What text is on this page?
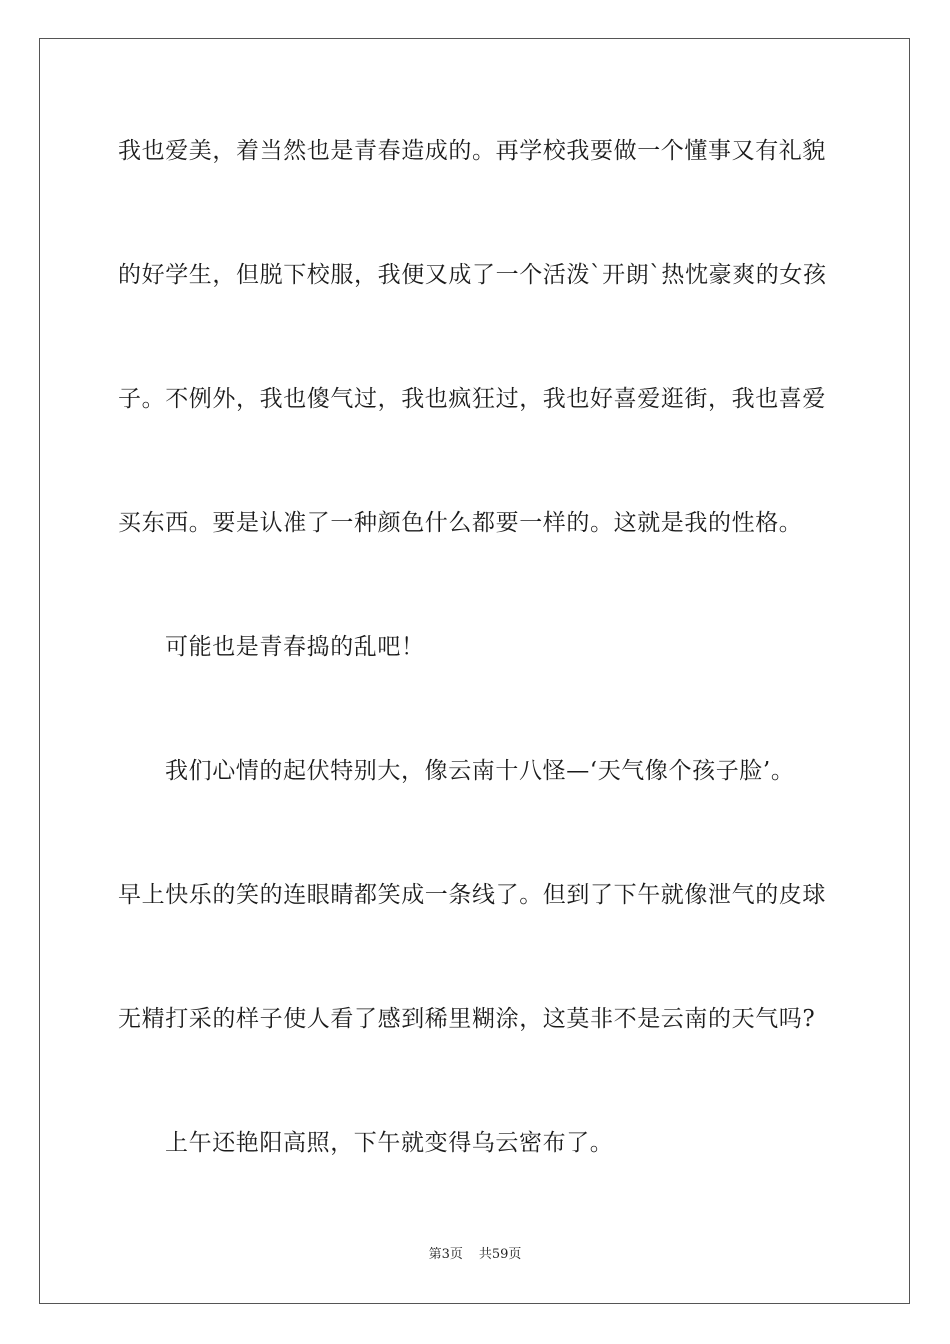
我也爱美，着当然也是青春造成的。再学校我要做一个懂事又有礼貌
的好学生，但脱下校服，我便又成了一个活泼`开朗`热忱豪爽的女孩
子。不例外，我也傻气过，我也疯狂过，我也好喜爱逛街，我也喜爱
买东西。要是认准了一种颜色什么都要一样的。这就是我的性格。
可能也是青春捣的乱吧！
我们心情的起伏特别大，像云南十八怪—‘天气像个孩子脸’。
早上快乐的笑的连眼睛都笑成一条线了。但到了下午就像泄气的皮球
无精打采的样子使人看了感到稀里糊涂，这莫非不是云南的天气吗?
上午还艳阳高照，下午就变得乌云密布了。
第3页 共59页
